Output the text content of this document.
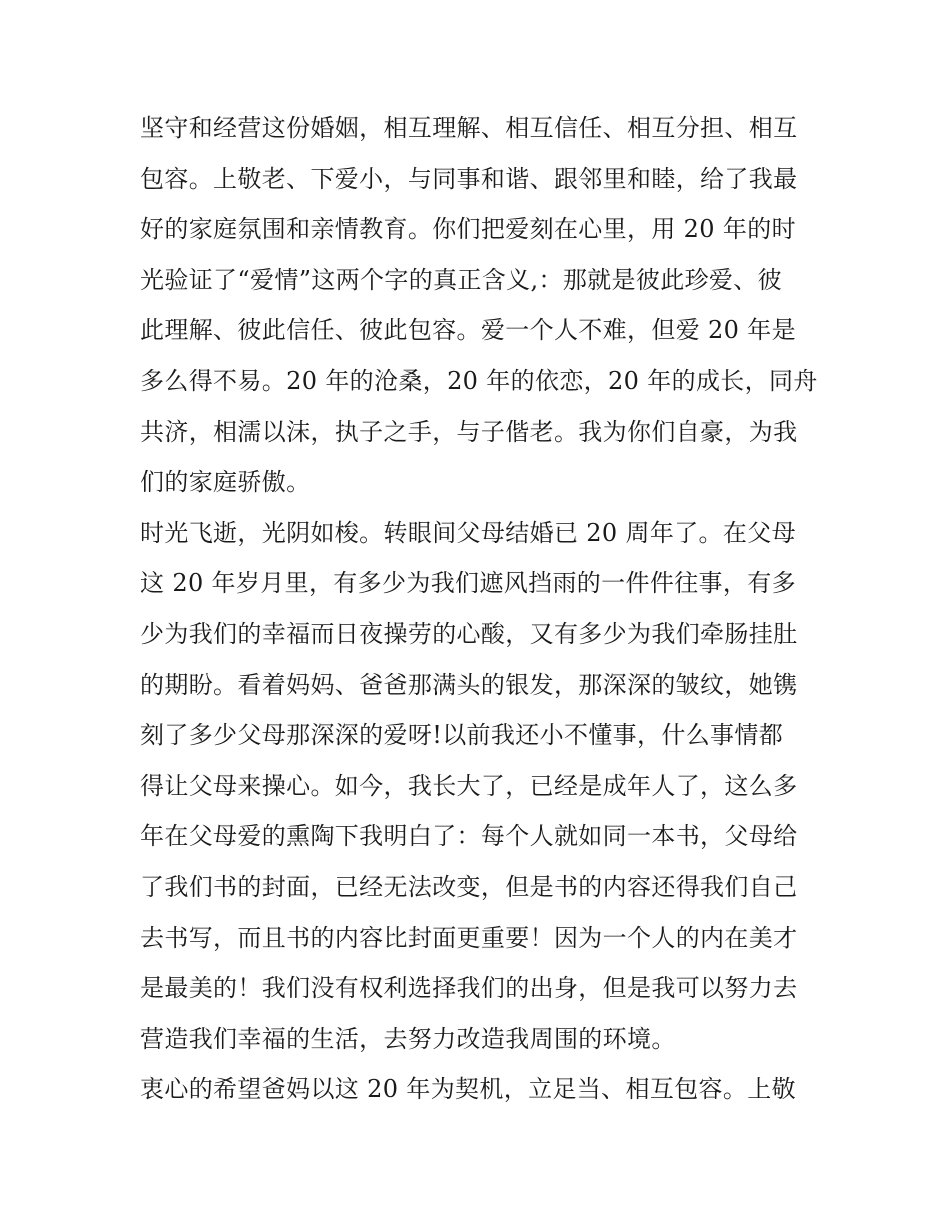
坚守和经营这份婚姻，相互理解、相互信任、相互分担、相互
包容。上敬老、下爱小，与同事和谐、跟邻里和睦，给了我最
好的家庭氛围和亲情教育。你们把爱刻在心里，用 20 年的时
光验证了“爱情”这两个字的真正含义,：那就是彼此珍爱、彼
此理解、彼此信任、彼此包容。爱一个人不难，但爱 20 年是
多么得不易。20 年的沧桑，20 年的依恋，20 年的成长，同舟
共济，相濡以沫，执子之手，与子偕老。我为你们自豪，为我
们的家庭骄傲。
时光飞逝，光阴如梭。转眼间父母结婚已 20 周年了。在父母
这 20 年岁月里，有多少为我们遮风挡雨的一件件往事，有多
少为我们的幸福而日夜操劳的心酸，又有多少为我们牵肠挂肚
的期盼。看着妈妈、爸爸那满头的银发，那深深的皱纹，她镌
刻了多少父母那深深的爱呀!以前我还小不懂事，什么事情都
得让父母来操心。如今，我长大了，已经是成年人了，这么多
年在父母爱的熏陶下我明白了：每个人就如同一本书，父母给
了我们书的封面，已经无法改变，但是书的内容还得我们自己
去书写，而且书的内容比封面更重要！因为一个人的内在美才
是最美的！我们没有权利选择我们的出身，但是我可以努力去
营造我们幸福的生活，去努力改造我周围的环境。
衷心的希望爸妈以这 20 年为契机，立足当、相互包容。上敬
